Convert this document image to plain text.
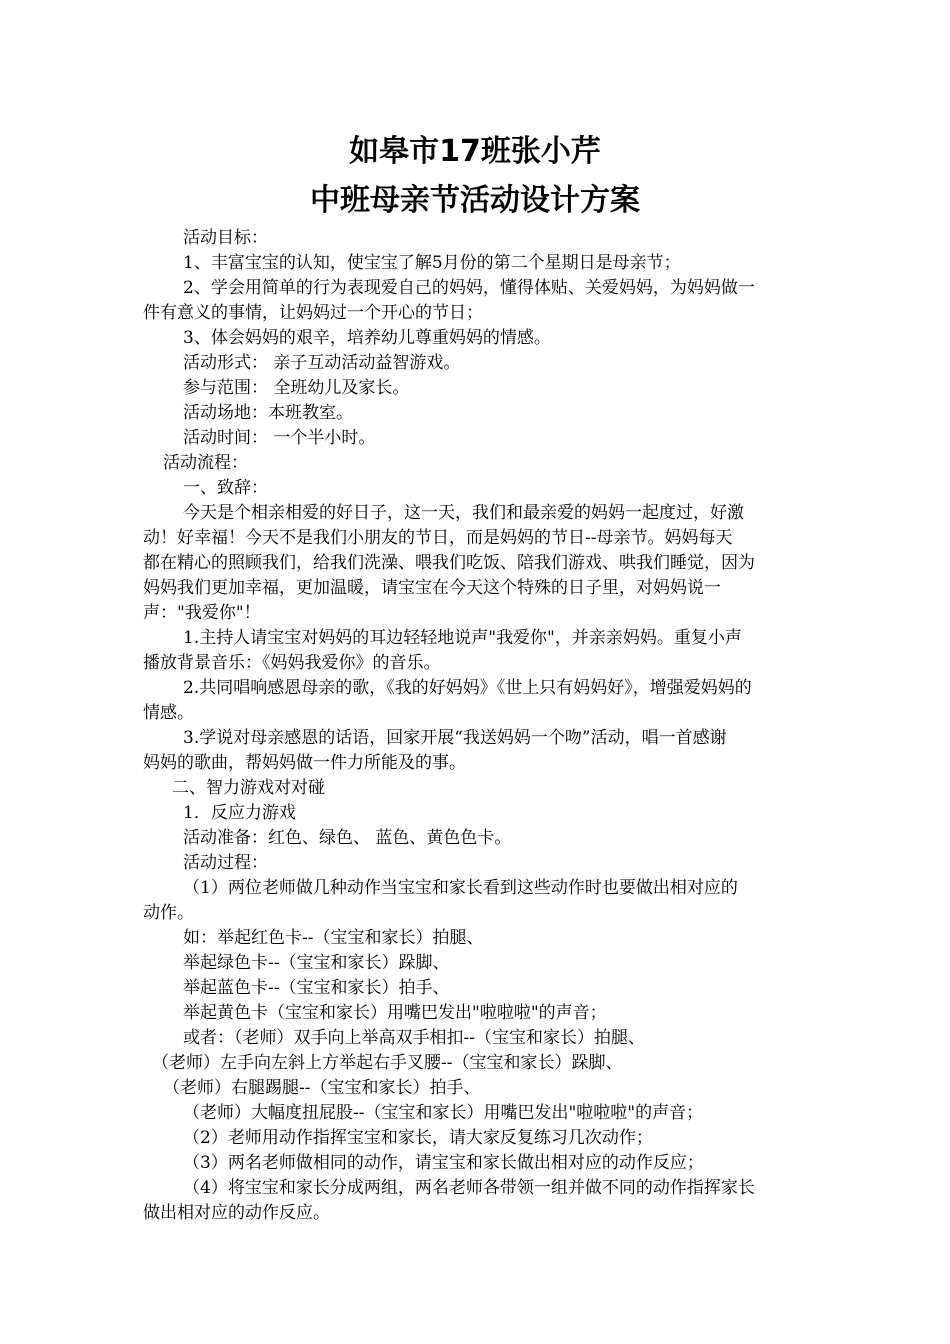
如皋市17班张小芹
中班母亲节活动设计方案
活动目标：
1、丰富宝宝的认知，使宝宝了解5月份的第二个星期日是母亲节；
2、学会用简单的行为表现爱自己的妈妈，懂得体贴、关爱妈妈，为妈妈做一
件有意义的事情，让妈妈过一个开心的节日；
3、体会妈妈的艰辛，培养幼儿尊重妈妈的情感。
活动形式： 亲子互动活动益智游戏。
参与范围： 全班幼儿及家长。
活动场地：本班教室。
活动时间： 一个半小时。
活动流程：
一、致辞：
今天是个相亲相爱的好日子，这一天，我们和最亲爱的妈妈一起度过，好激
动！好幸福！今天不是我们小朋友的节日，而是妈妈的节日--母亲节。妈妈每天
都在精心的照顾我们，给我们洗澡、喂我们吃饭、陪我们游戏、哄我们睡觉，因为
妈妈我们更加幸福，更加温暖，请宝宝在今天这个特殊的日子里，对妈妈说一
声："我爱你"！
1.主持人请宝宝对妈妈的耳边轻轻地说声"我爱你"，并亲亲妈妈。重复小声
播放背景音乐：《妈妈我爱你》的音乐。
2.共同唱响感恩母亲的歌，《我的好妈妈》《世上只有妈妈好》，增强爱妈妈的
情感。
3.学说对母亲感恩的话语，回家开展“我送妈妈一个吻”活动，唱一首感谢
妈妈的歌曲，帮妈妈做一件力所能及的事。
二、智力游戏对对碰
1．反应力游戏
活动准备：红色、绿色、 蓝色、黄色色卡。
活动过程：
（1）两位老师做几种动作当宝宝和家长看到这些动作时也要做出相对应的
动作。
如：举起红色卡--（宝宝和家长）拍腿、
举起绿色卡--（宝宝和家长）跺脚、
举起蓝色卡--（宝宝和家长）拍手、
举起黄色卡（宝宝和家长）用嘴巴发出"啦啦啦"的声音；
或者：（老师）双手向上举高双手相扣--（宝宝和家长）拍腿、
（老师）左手向左斜上方举起右手叉腰--（宝宝和家长）跺脚、
（老师）右腿踢腿--（宝宝和家长）拍手、
（老师）大幅度扭屁股--（宝宝和家长）用嘴巴发出"啦啦啦"的声音；
（2）老师用动作指挥宝宝和家长，请大家反复练习几次动作；
（3）两名老师做相同的动作，请宝宝和家长做出相对应的动作反应；
（4）将宝宝和家长分成两组，两名老师各带领一组并做不同的动作指挥家长
做出相对应的动作反应。
